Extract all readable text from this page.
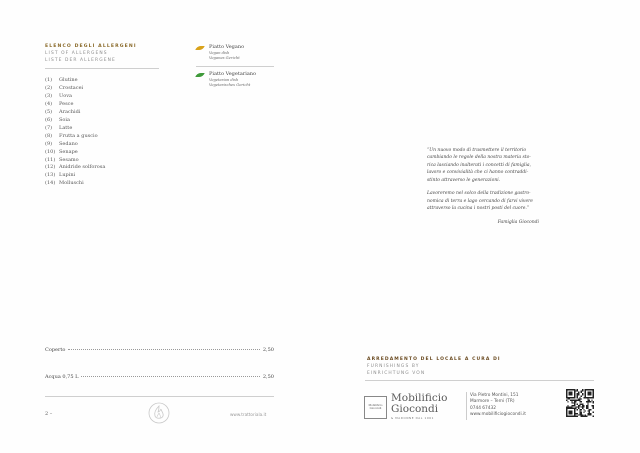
ELENCO DEGLI ALLERGENI
LIST OF ALLERGENS
LISTE DER ALLERGENE
(1)	Glutine
(2)	Crostacei
(3)	Uova
(4)	Pesce
(5)	Arachidi
(6)	Soia
(7)	Latte
(8)	Frutta a guscio
(9)	Sedano
(10) Senape
(11) Sesamo
(12) Anidride solforosa
(13) Lupini
(14) Molluschi
Piatto Vegano
Vegan dish
Veganes Gericht
Piatto Vegetariano
Vegetarian dish
Vegetarisches Gericht

“Un nuovo modo di trasmettere il territorio cambiando le regole della nostra materia sto- rica lasciando inalterati i concetti di famiglia, lavoro e convivialità che ci hanno contraddi- stinto attraverso le generazioni.

Lavoreremo nel solco della tradizione gastro- nomica di terra e lago cercando di farvi vivere attraverso la cucina i nostri posti del cuore.”

Famiglia Giocondi
Coperto	2,50
Acqua 0,75 L	2,50
2 –	www.trattoriala.it
ARREDAMENTO DEL LOCALE A CURA DI
FURNISHINGS BY
EINRICHTUNG VON
Mobilificio Giocondi
Mobilificio
Giocondi
& MADONNE DAL 1961
Via Pietro Montini, 151
Marmore – Terni (TR)
0744 67432
www.mobilificiogiocondi.it
